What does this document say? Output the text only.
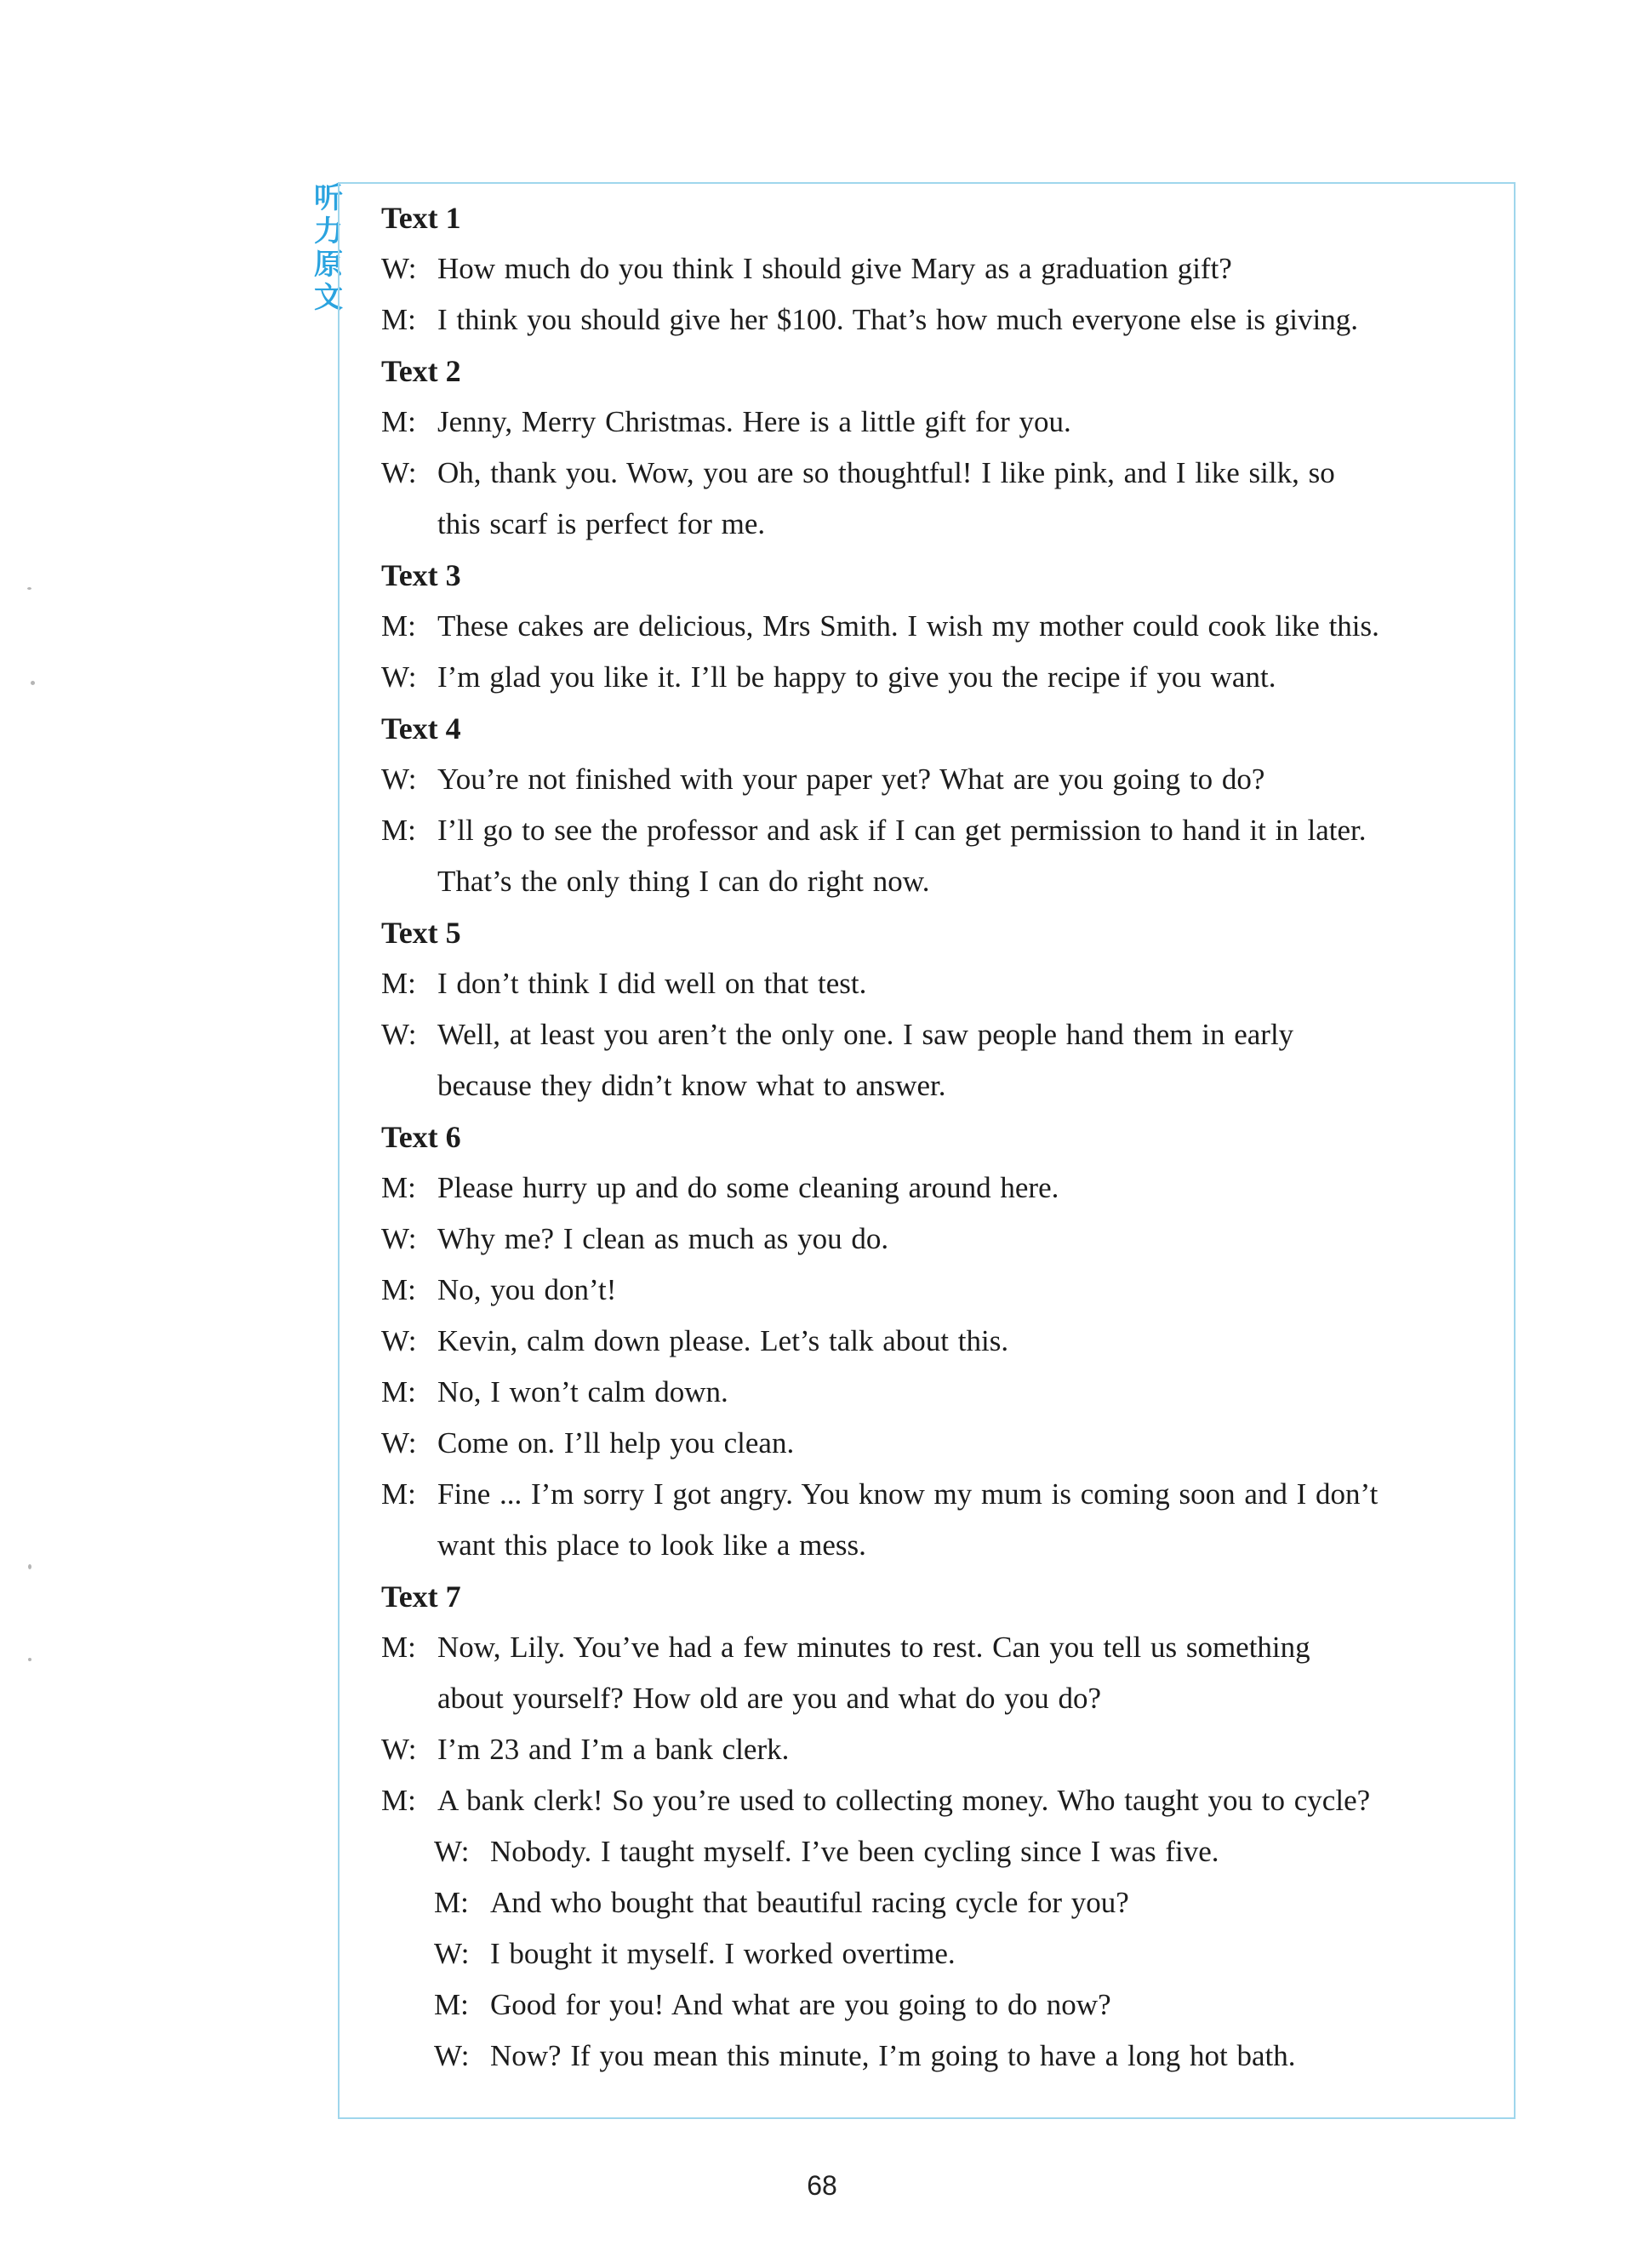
听
力
原
文
Text 1
W: How much do you think I should give Mary as a graduation gift?
M: I think you should give her $100. That’s how much everyone else is giving.
Text 2
M: Jenny, Merry Christmas. Here is a little gift for you.
W: Oh, thank you. Wow, you are so thoughtful! I like pink, and I like silk, so
this scarf is perfect for me.
Text 3
M: These cakes are delicious, Mrs Smith. I wish my mother could cook like this.
W: I’m glad you like it. I’ll be happy to give you the recipe if you want.
Text 4
W: You’re not finished with your paper yet? What are you going to do?
M: I’ll go to see the professor and ask if I can get permission to hand it in later.
That’s the only thing I can do right now.
Text 5
M: I don’t think I did well on that test.
W: Well, at least you aren’t the only one. I saw people hand them in early
because they didn’t know what to answer.
Text 6
M: Please hurry up and do some cleaning around here.
W: Why me? I clean as much as you do.
M: No, you don’t!
W: Kevin, calm down please. Let’s talk about this.
M: No, I won’t calm down.
W: Come on. I’ll help you clean.
M: Fine ... I’m sorry I got angry. You know my mum is coming soon and I don’t
want this place to look like a mess.
Text 7
M: Now, Lily. You’ve had a few minutes to rest. Can you tell us something
about yourself? How old are you and what do you do?
W: I’m 23 and I’m a bank clerk.
M: A bank clerk! So you’re used to collecting money. Who taught you to cycle?
W: Nobody. I taught myself. I’ve been cycling since I was five.
M: And who bought that beautiful racing cycle for you?
W: I bought it myself. I worked overtime.
M: Good for you! And what are you going to do now?
W: Now? If you mean this minute, I’m going to have a long hot bath.
68
